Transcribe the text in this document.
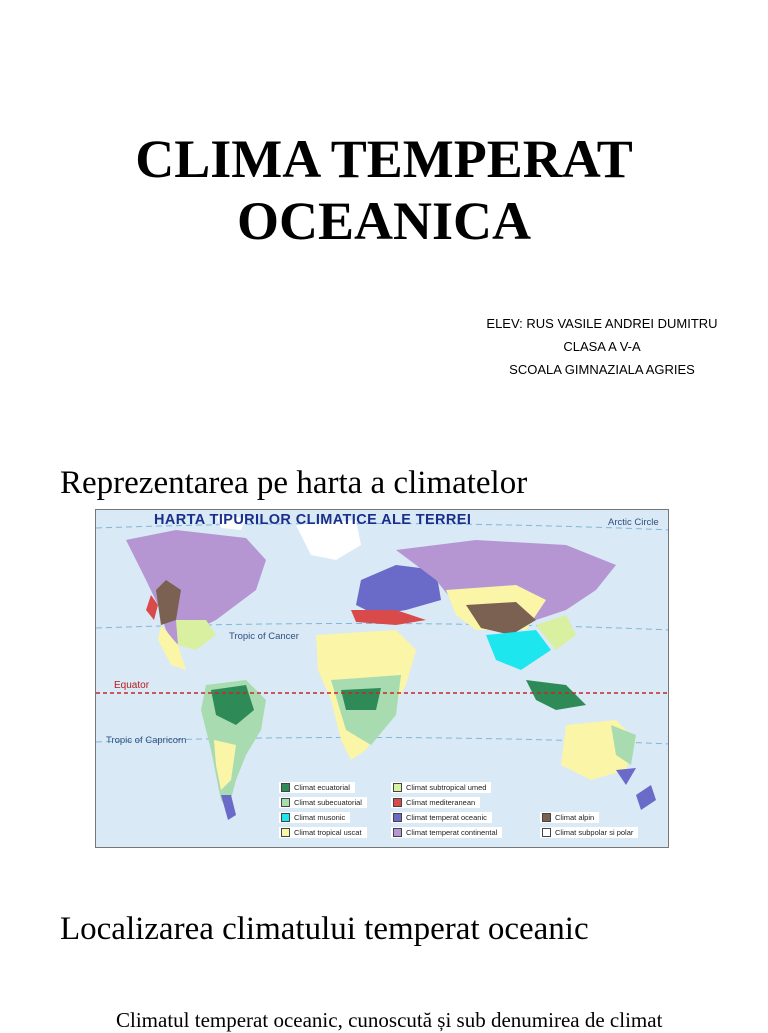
CLIMA TEMPERAT
OCEANICA
ELEV: RUS VASILE ANDREI DUMITRU
CLASA A V-A
SCOALA GIMNAZIALA AGRIES
Reprezentarea pe harta a climatelor
HARTA TIPURILOR CLIMATICE ALE TERREI	Arctic Circle
Tropic of Cancer
Equator
Tropic of Capricorn
Climat ecuatorial
Climat subecuatorial
Climat musonic
Climat tropical uscat
Climat subtropical umed
Climat mediteranean
Climat temperat oceanic
Climat temperat continental
Climat alpin
Climat subpolar si polar
Localizarea climatului temperat oceanic
Climatul temperat oceanic, cunoscută și sub denumirea de climat
